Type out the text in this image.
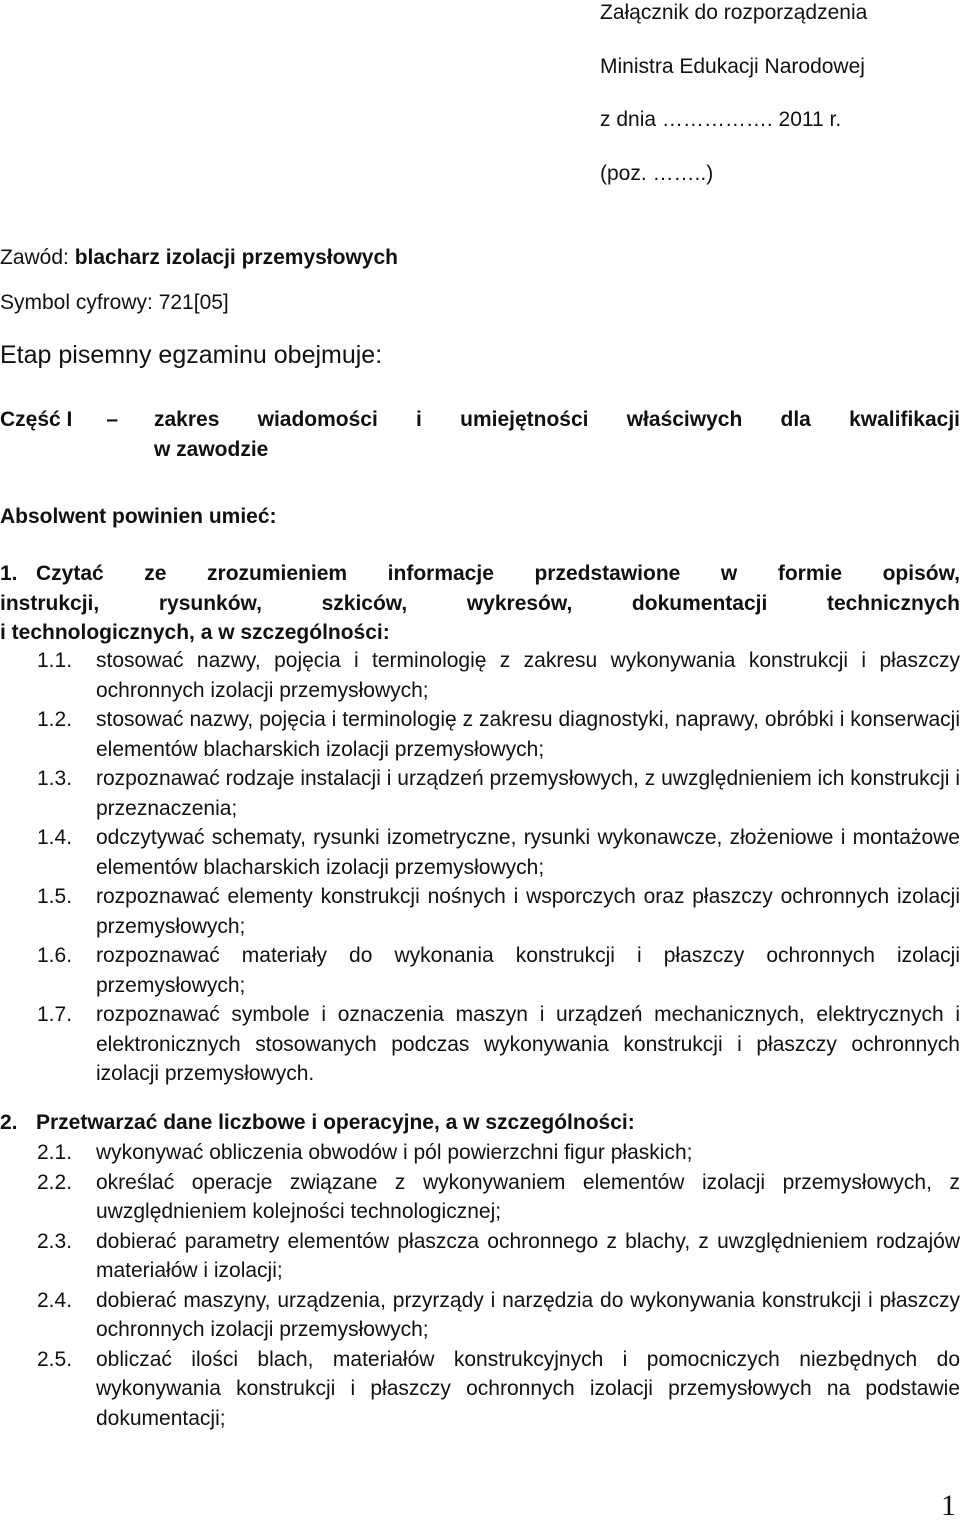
Załącznik do rozporządzenia
Ministra Edukacji Narodowej
z dnia ……………. 2011 r.
(poz. ……..)
Zawód: blacharz izolacji przemysłowych
Symbol cyfrowy: 721[05]
Etap pisemny egzaminu obejmuje:
Część I – zakres wiadomości i umiejętności właściwych dla kwalifikacji
w zawodzie
Absolwent powinien umieć:
1. Czytać ze zrozumieniem informacje przedstawione w formie opisów,
instrukcji, rysunków, szkiców, wykresów, dokumentacji technicznych
i technologicznych, a w szczególności:
1.1.	stosować nazwy, pojęcia i terminologię z zakresu wykonywania konstrukcji i płaszczy ochronnych izolacji przemysłowych;
1.2.	stosować nazwy, pojęcia i terminologię z zakresu diagnostyki, naprawy, obróbki i konserwacji elementów blacharskich izolacji przemysłowych;
1.3.	rozpoznawać rodzaje instalacji i urządzeń przemysłowych, z uwzględnieniem ich konstrukcji i przeznaczenia;
1.4.	odczytywać schematy, rysunki izometryczne, rysunki wykonawcze, złożeniowe i montażowe elementów blacharskich izolacji przemysłowych;
1.5.	rozpoznawać elementy konstrukcji nośnych i wsporczych oraz płaszczy ochronnych izolacji przemysłowych;
1.6.	rozpoznawać materiały do wykonania konstrukcji i płaszczy ochronnych izolacji przemysłowych;
1.7.	rozpoznawać symbole i oznaczenia maszyn i urządzeń mechanicznych, elektrycznych i elektronicznych stosowanych podczas wykonywania konstrukcji i płaszczy ochronnych izolacji przemysłowych.
2. Przetwarzać dane liczbowe i operacyjne, a w szczególności:
2.1.	wykonywać obliczenia obwodów i pól powierzchni figur płaskich;
2.2.	określać operacje związane z wykonywaniem elementów izolacji przemysłowych, z uwzględnieniem kolejności technologicznej;
2.3.	dobierać parametry elementów płaszcza ochronnego z blachy, z uwzględnieniem rodzajów materiałów i izolacji;
2.4.	dobierać maszyny, urządzenia, przyrządy i narzędzia do wykonywania konstrukcji i płaszczy ochronnych izolacji przemysłowych;
2.5.	obliczać ilości blach, materiałów konstrukcyjnych i pomocniczych niezbędnych do wykonywania konstrukcji i płaszczy ochronnych izolacji przemysłowych na podstawie dokumentacji;
1
